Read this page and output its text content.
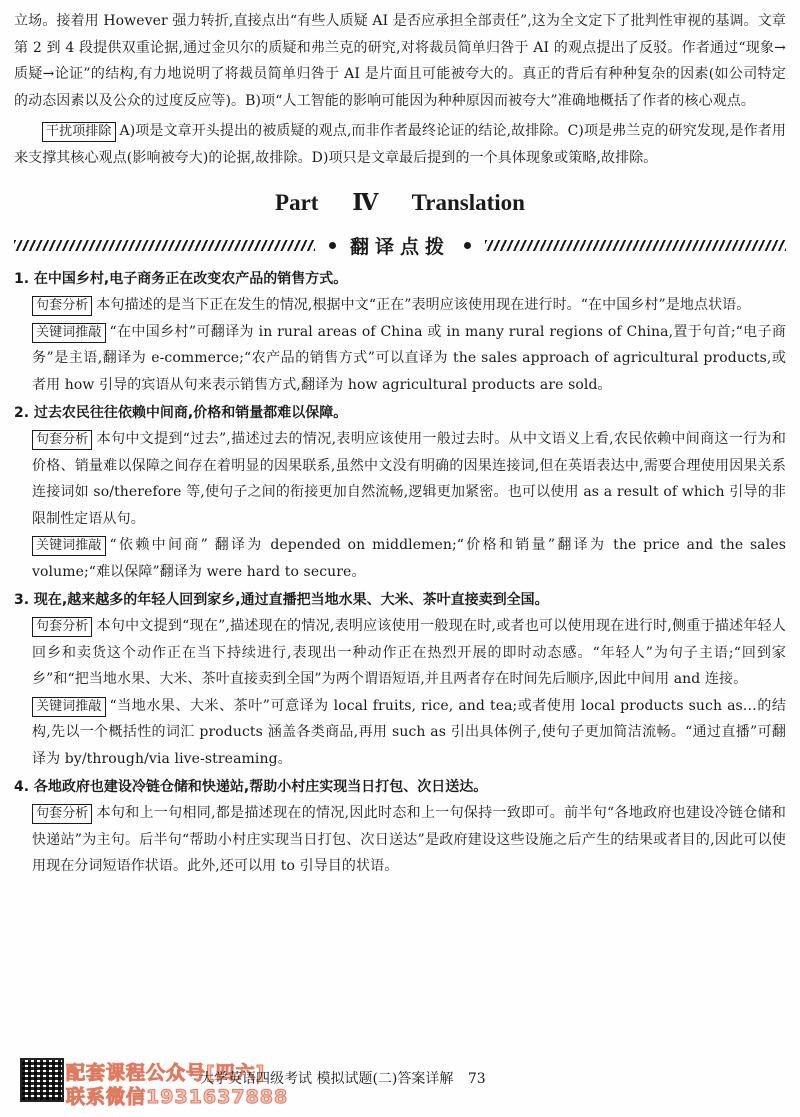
立场。接着用 However 强力转折,直接点出“有些人质疑 AI 是否应承担全部责任”,这为全文定下了批判性审视的基调。文章第 2 到 4 段提供双重论据,通过金贝尔的质疑和弗兰克的研究,对将裁员简单归咎于 AI 的观点提出了反驳。作者通过“现象→质疑→论证”的结构,有力地说明了将裁员简单归咎于 AI 是片面且可能被夸大的。真正的背后有种种复杂的因素(如公司特定的动态因素以及公众的过度反应等)。B)项“人工智能的影响可能因为种种原因而被夸大”准确地概括了作者的核心观点。

干扰项排除 A)项是文章开头提出的被质疑的观点,而非作者最终论证的结论,故排除。C)项是弗兰克的研究发现,是作者用来支撑其核心观点(影响被夸大)的论据,故排除。D)项只是文章最后提到的一个具体现象或策略,故排除。

Part Ⅳ Translation
翻译点拨

1. 在中国乡村,电子商务正在改变农产品的销售方式。

句套分析 本句描述的是当下正在发生的情况,根据中文“正在”表明应该使用现在进行时。“在中国乡村”是地点状语。

关键词推敲 “在中国乡村”可翻译为 in rural areas of China 或 in many rural regions of China,置于句首;“电子商务”是主语,翻译为 e-commerce;“农产品的销售方式”可以直译为 the sales approach of agricultural products,或者用 how 引导的宾语从句来表示销售方式,翻译为 how agricultural products are sold。

2. 过去农民往往依赖中间商,价格和销量都难以保障。

句套分析 本句中文提到“过去”,描述过去的情况,表明应该使用一般过去时。从中文语义上看,农民依赖中间商这一行为和价格、销量难以保障之间存在着明显的因果联系,虽然中文没有明确的因果连接词,但在英语表达中,需要合理使用因果关系连接词如 so/therefore 等,使句子之间的衔接更加自然流畅,逻辑更加紧密。也可以使用 as a result of which 引导的非限制性定语从句。

关键词推敲 “依赖中间商” 翻译为 depended on middlemen;“价格和销量”翻译为 the price and the sales volume;“难以保障”翻译为 were hard to secure。

3. 现在,越来越多的年轻人回到家乡,通过直播把当地水果、大米、茶叶直接卖到全国。

句套分析 本句中文提到“现在”,描述现在的情况,表明应该使用一般现在时,或者也可以使用现在进行时,侧重于描述年轻人回乡和卖货这个动作正在当下持续进行,表现出一种动作正在热烈开展的即时动态感。“年轻人”为句子主语;“回到家乡”和“把当地水果、大米、茶叶直接卖到全国”为两个谓语短语,并且两者存在时间先后顺序,因此中间用 and 连接。

关键词推敲 “当地水果、大米、茶叶”可意译为 local fruits, rice, and tea;或者使用 local products such as…的结构,先以一个概括性的词汇 products 涵盖各类商品,再用 such as 引出具体例子,使句子更加简洁流畅。“通过直播”可翻译为 by/through/via live-streaming。

4. 各地政府也建设冷链仓储和快递站,帮助小村庄实现当日打包、次日送达。

句套分析 本句和上一句相同,都是描述现在的情况,因此时态和上一句保持一致即可。前半句“各地政府也建设冷链仓储和快递站”为主句。后半句“帮助小村庄实现当日打包、次日送达”是政府建设这些设施之后产生的结果或者目的,因此可以使用现在分词短语作状语。此外,还可以用 to 引导目的状语。

配套课程公众号[四六]
联系微信1931637888
大学英语四级考试 模拟试题(二)答案详解 73
